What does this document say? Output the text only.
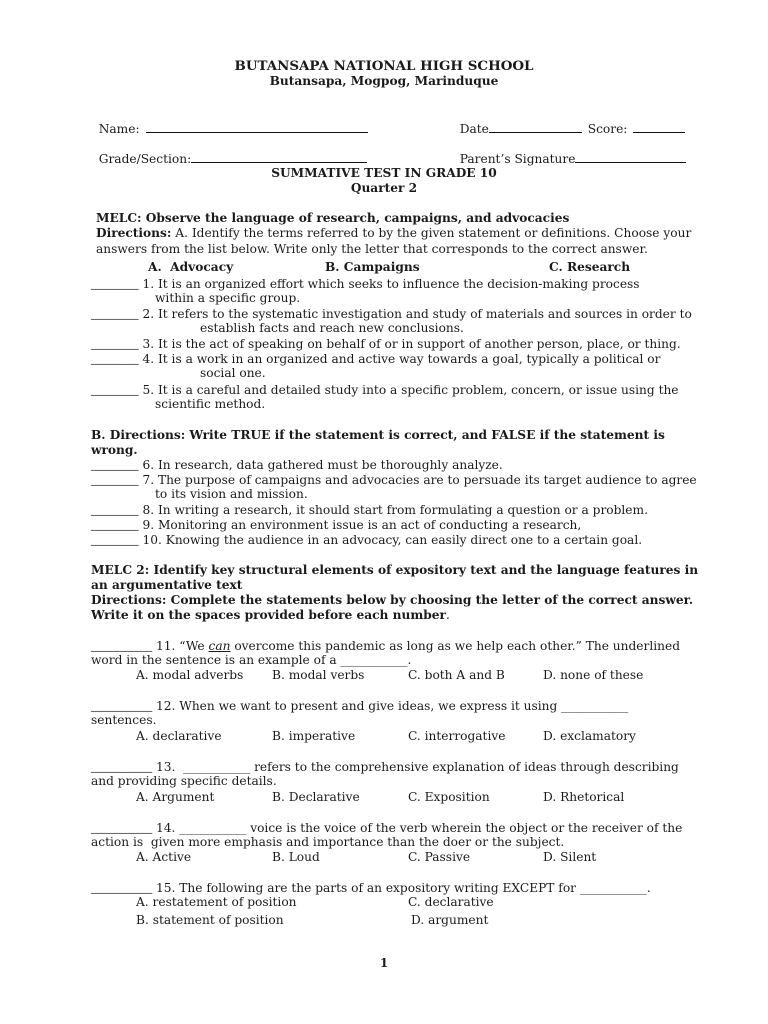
BUTANSAPA NATIONAL HIGH SCHOOL
Butansapa, Mogpog, Marinduque

Name:	Date	Score:

Grade/Section:	Parent’s Signature

SUMMATIVE TEST IN GRADE 10
Quarter 2
MELC: Observe the language of research, campaigns, and advocacies
Directions: A. Identify the terms referred to by the given statement or definitions. Choose your
answers from the list below. Write only the letter that corresponds to the correct answer.
A.  Advocacy	B. Campaigns	C. Research
_______ 1. It is an organized effort which seeks to influence the decision-making process
within a specific group.
_______ 2. It refers to the systematic investigation and study of materials and sources in order to
establish facts and reach new conclusions.
_______ 3. It is the act of speaking on behalf of or in support of another person, place, or thing.
_______ 4. It is a work in an organized and active way towards a goal, typically a political or
social one.
_______ 5. It is a careful and detailed study into a specific problem, concern, or issue using the
scientific method.
B. Directions: Write TRUE if the statement is correct, and FALSE if the statement is
wrong.
_______ 6. In research, data gathered must be thoroughly analyze.
_______ 7. The purpose of campaigns and advocacies are to persuade its target audience to agree
to its vision and mission.
_______ 8. In writing a research, it should start from formulating a question or a problem.
_______ 9. Monitoring an environment issue is an act of conducting a research,
_______ 10. Knowing the audience in an advocacy, can easily direct one to a certain goal.
MELC 2: Identify key structural elements of expository text and the language features in
an argumentative text
Directions: Complete the statements below by choosing the letter of the correct answer.
Write it on the spaces provided before each number.
_________ 11. “We can overcome this pandemic as long as we help each other.” The underlined
word in the sentence is an example of a ___________.
A. modal adverbs B. modal verbs	C. both A and B	D. none of these
_________ 12. When we want to present and give ideas, we express it using ___________
sentences.
A. declarative	B. imperative	C. interrogative	D. exclamatory
_________ 13.  ___________ refers to the comprehensive explanation of ideas through describing
and providing specific details.
A. Argument	B. Declarative	C. Exposition	D. Rhetorical
_________ 14. ___________ voice is the voice of the verb wherein the object or the receiver of the
action is  given more emphasis and importance than the doer or the subject.
A. Active	B. Loud	C. Passive	D. Silent
_________ 15. The following are the parts of an expository writing EXCEPT for ___________.
A. restatement of position	C. declarative
B. statement of position	D. argument
1
